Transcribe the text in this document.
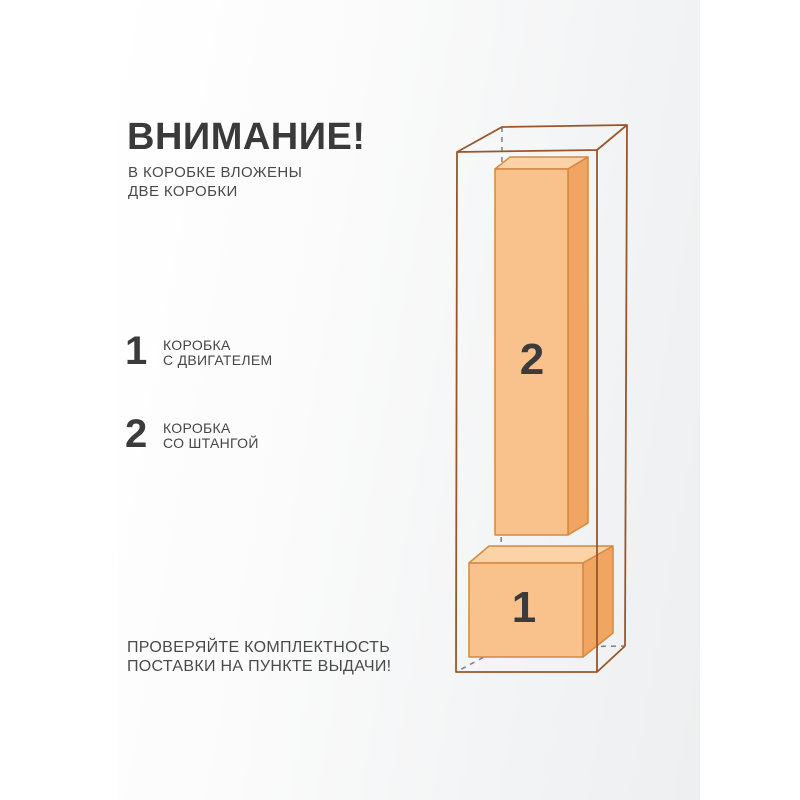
ВНИМАНИЕ!
В КОРОБКЕ ВЛОЖЕНЫ
ДВЕ КОРОБКИ
1	КОРОБКА
С ДВИГАТЕЛЕМ
2	КОРОБКА
СО ШТАНГОЙ
ПРОВЕРЯЙТЕ КОМПЛЕКТНОСТЬ
ПОСТАВКИ НА ПУНКТЕ ВЫДАЧИ!
2
1
